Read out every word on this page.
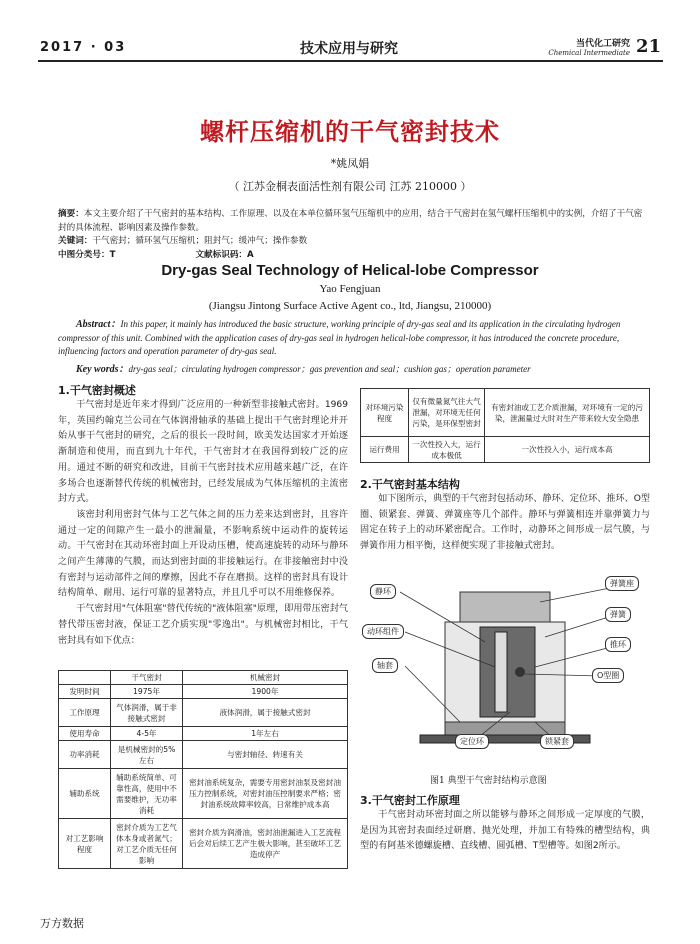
2017 · 03	技术应用与研究	当代化工研究
Chemical Intermediate 21
螺杆压缩机的干气密封技术
*姚凤娟
（ 江苏金桐表面活性剂有限公司 江苏 210000 ）
摘要：本文主要介绍了干气密封的基本结构、工作原理、以及在本单位循环氢气压缩机中的应用，结合干气密封在氢气螺杆压缩机中的实例，介绍了干气密封的具体流程、影响因素及操作参数。
关键词：干气密封；循环氢气压缩机；阻封气；缓冲气；操作参数
中图分类号：T	文献标识码：A
Dry-gas Seal Technology of Helical-lobe Compressor
Yao Fengjuan
(Jiangsu Jintong Surface Active Agent co., ltd, Jiangsu, 210000)
Abstract：In this paper, it mainly has introduced the basic structure, working principle of dry-gas seal and its application in the circulating hydrogen compressor of this unit. Combined with the application cases of dry-gas seal in hydrogen helical-lobe compressor, it has introduced the concrete procedure, influencing factors and operation parameter of dry-gas seal.
Key words：dry-gas seal；circulating hydrogen compressor；gas prevention and seal；cushion gas；operation parameter
1.干气密封概述

干气密封是近年来才得到广泛应用的一种新型非接触式密封。1969年，英国约翰克兰公司在气体润滑轴承的基础上提出干气密封理论并开始从事干气密封的研究，之后的很长一段时间，欧美发达国家才开始逐渐制造和使用，而直到九十年代，干气密封才在我国得到较广泛的应用。通过不断的研究和改进，目前干气密封技术应用越来越广泛，在许多场合也逐渐替代传统的机械密封，已经发展成为气体压缩机的主流密封方式。

该密封利用密封气体与工艺气体之间的压力差来达到密封，且容许通过一定的间隙产生一最小的泄漏量，不影响系统中运动件的旋转运动。干气密封在其动环密封面上开设动压槽，使高速旋转的动环与静环之间产生薄薄的气膜，而达到密封面的非接触运行。在非接触密封中没有密封与运动部件之间的摩擦，因此不存在磨损。这样的密封具有设计结构简单、耐用、运行可靠的显著特点，并且几乎可以不用维修保养。

干气密封用"气体阻塞"替代传统的"液体阻塞"原理，即用带压密封气替代带压密封液，保证工艺介质实现"零逸出"。与机械密封相比，干气密封具有如下优点：

	干气密封	机械密封
发明时间	1975年	1900年
工作原理	气体润滑，属于非接触式密封	液体润滑，属于接触式密封
使用寿命	4-5年	1年左右
功率消耗	是机械密封的5%左右	与密封轴径、转速有关
辅助系统	辅助系统简单、可靠性高，使用中不需要维护，无功率消耗	密封油系统复杂，需要专用密封油泵及密封油压力控制系统，对密封油压控制要求严格；密封油系统故障率较高，日常维护成本高
对工艺影响程度	密封介质为工艺气体本身或者氮气；对工艺介质无任何影响	密封介质为润滑油，密封油泄漏进入工艺流程后会对后续工艺产生极大影响，甚至破坏工艺造成停产
对环境污染程度	仅有微量氮气往大气泄漏，对环境无任何污染，是环保型密封	有密封油或工艺介质泄漏，对环境有一定的污染，泄漏量过大时对生产带来较大安全隐患
运行费用	一次性投入大，运行成本极低	一次性投入小，运行成本高
2.干气密封基本结构

如下图所示，典型的干气密封包括动环、静环、定位环、推环、O型圈、锁紧套、弹簧、弹簧座等几个部件。静环与弹簧相连并靠弹簧力与固定在转子上的动环紧密配合。工作时，动静环之间形成一层气膜，与弹簧作用力相平衡，这样便实现了非接触式密封。

静环
弹簧座
弹簧
动环组件
推环
轴套
O型圈
定位环	锁紧套
图1 典型干气密封结构示意图
3.干气密封工作原理

干气密封动环密封面之所以能够与静环之间形成一定厚度的气膜，是因为其密封表面经过研磨、抛光处理，并加工有特殊的槽型结构，典型的有阿基米德螺旋槽、直线槽、圆弧槽、T型槽等。如图2所示。

万方数据
